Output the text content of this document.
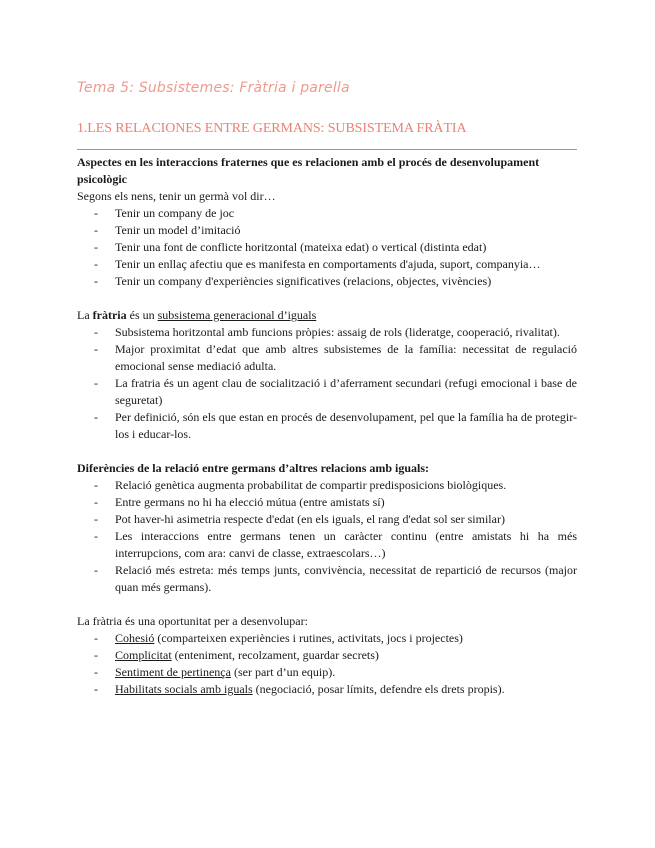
Tema 5: Subsistemes: Fràtria i parella
1.LES RELACIONES ENTRE GERMANS: SUBSISTEMA FRÀTIA

Aspectes en les interaccions fraternes que es relacionen amb el procés de desenvolupament psicològic

Segons els nens, tenir un germà vol dir…

- Tenir un company de joc
- Tenir un model d’imitació
- Tenir una font de conflicte horitzontal (mateixa edat) o vertical (distinta edat)
- Tenir un enllaç afectiu que es manifesta en comportaments d'ajuda, suport, companyia…
- Tenir un company d'experiències significatives (relacions, objectes, vivències)

La fràtria és un subsistema generacional d’iguals

- Subsistema horitzontal amb funcions pròpies: assaig de rols (lideratge, cooperació, rivalitat).
- Major proximitat d’edat que amb altres subsistemes de la família: necessitat de regulació emocional sense mediació adulta.
- La fratria és un agent clau de socialització i d’aferrament secundari (refugi emocional i base de seguretat)
- Per definició, són els que estan en procés de desenvolupament, pel que la família ha de protegir-los i educar-los.

Diferències de la relació entre germans d’altres relacions amb iguals:

- Relació genètica augmenta probabilitat de compartir predisposicions biològiques.
- Entre germans no hi ha elecció mútua (entre amistats sí)
- Pot haver-hi asimetria respecte d'edat (en els iguals, el rang d'edat sol ser similar)
- Les interaccions entre germans tenen un caràcter continu (entre amistats hi ha més interrupcions, com ara: canvi de classe, extraescolars…)
- Relació més estreta: més temps junts, convivència, necessitat de repartició de recursos (major quan més germans).

La fràtria és una oportunitat per a desenvolupar:

- Cohesió (comparteixen experiències i rutines, activitats, jocs i projectes)
- Complicitat (enteniment, recolzament, guardar secrets)
- Sentiment de pertinença (ser part d’un equip).
- Habilitats socials amb iguals (negociació, posar límits, defendre els drets propis).
